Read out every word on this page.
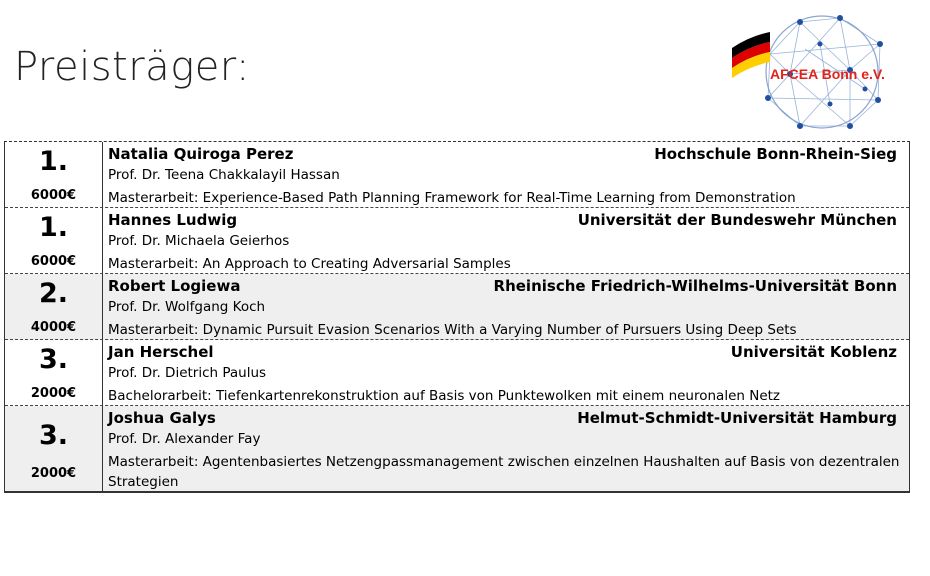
Preisträger:	AFCEA Bonn e.V.
1.
6000€
Natalia Quiroga Perez	Hochschule Bonn-Rhein-Sieg
Prof. Dr. Teena Chakkalayil Hassan
Masterarbeit: Experience-Based Path Planning Framework for Real-Time Learning from Demonstration
1.
6000€
Hannes Ludwig	Universität der Bundeswehr München
Prof. Dr. Michaela Geierhos
Masterarbeit: An Approach to Creating Adversarial Samples
2.
4000€
Robert Logiewa	Rheinische Friedrich-Wilhelms-Universität Bonn
Prof. Dr. Wolfgang Koch
Masterarbeit: Dynamic Pursuit Evasion Scenarios With a Varying Number of Pursuers Using Deep Sets
3.
2000€
Jan Herschel	Universität Koblenz
Prof. Dr. Dietrich Paulus
Bachelorarbeit: Tiefenkartenrekonstruktion auf Basis von Punktewolken mit einem neuronalen Netz
3.
2000€
Joshua Galys	Helmut-Schmidt-Universität Hamburg
Prof. Dr. Alexander Fay
Masterarbeit: Agentenbasiertes Netzengpassmanagement zwischen einzelnen Haushalten auf Basis von dezentralen Strategien
